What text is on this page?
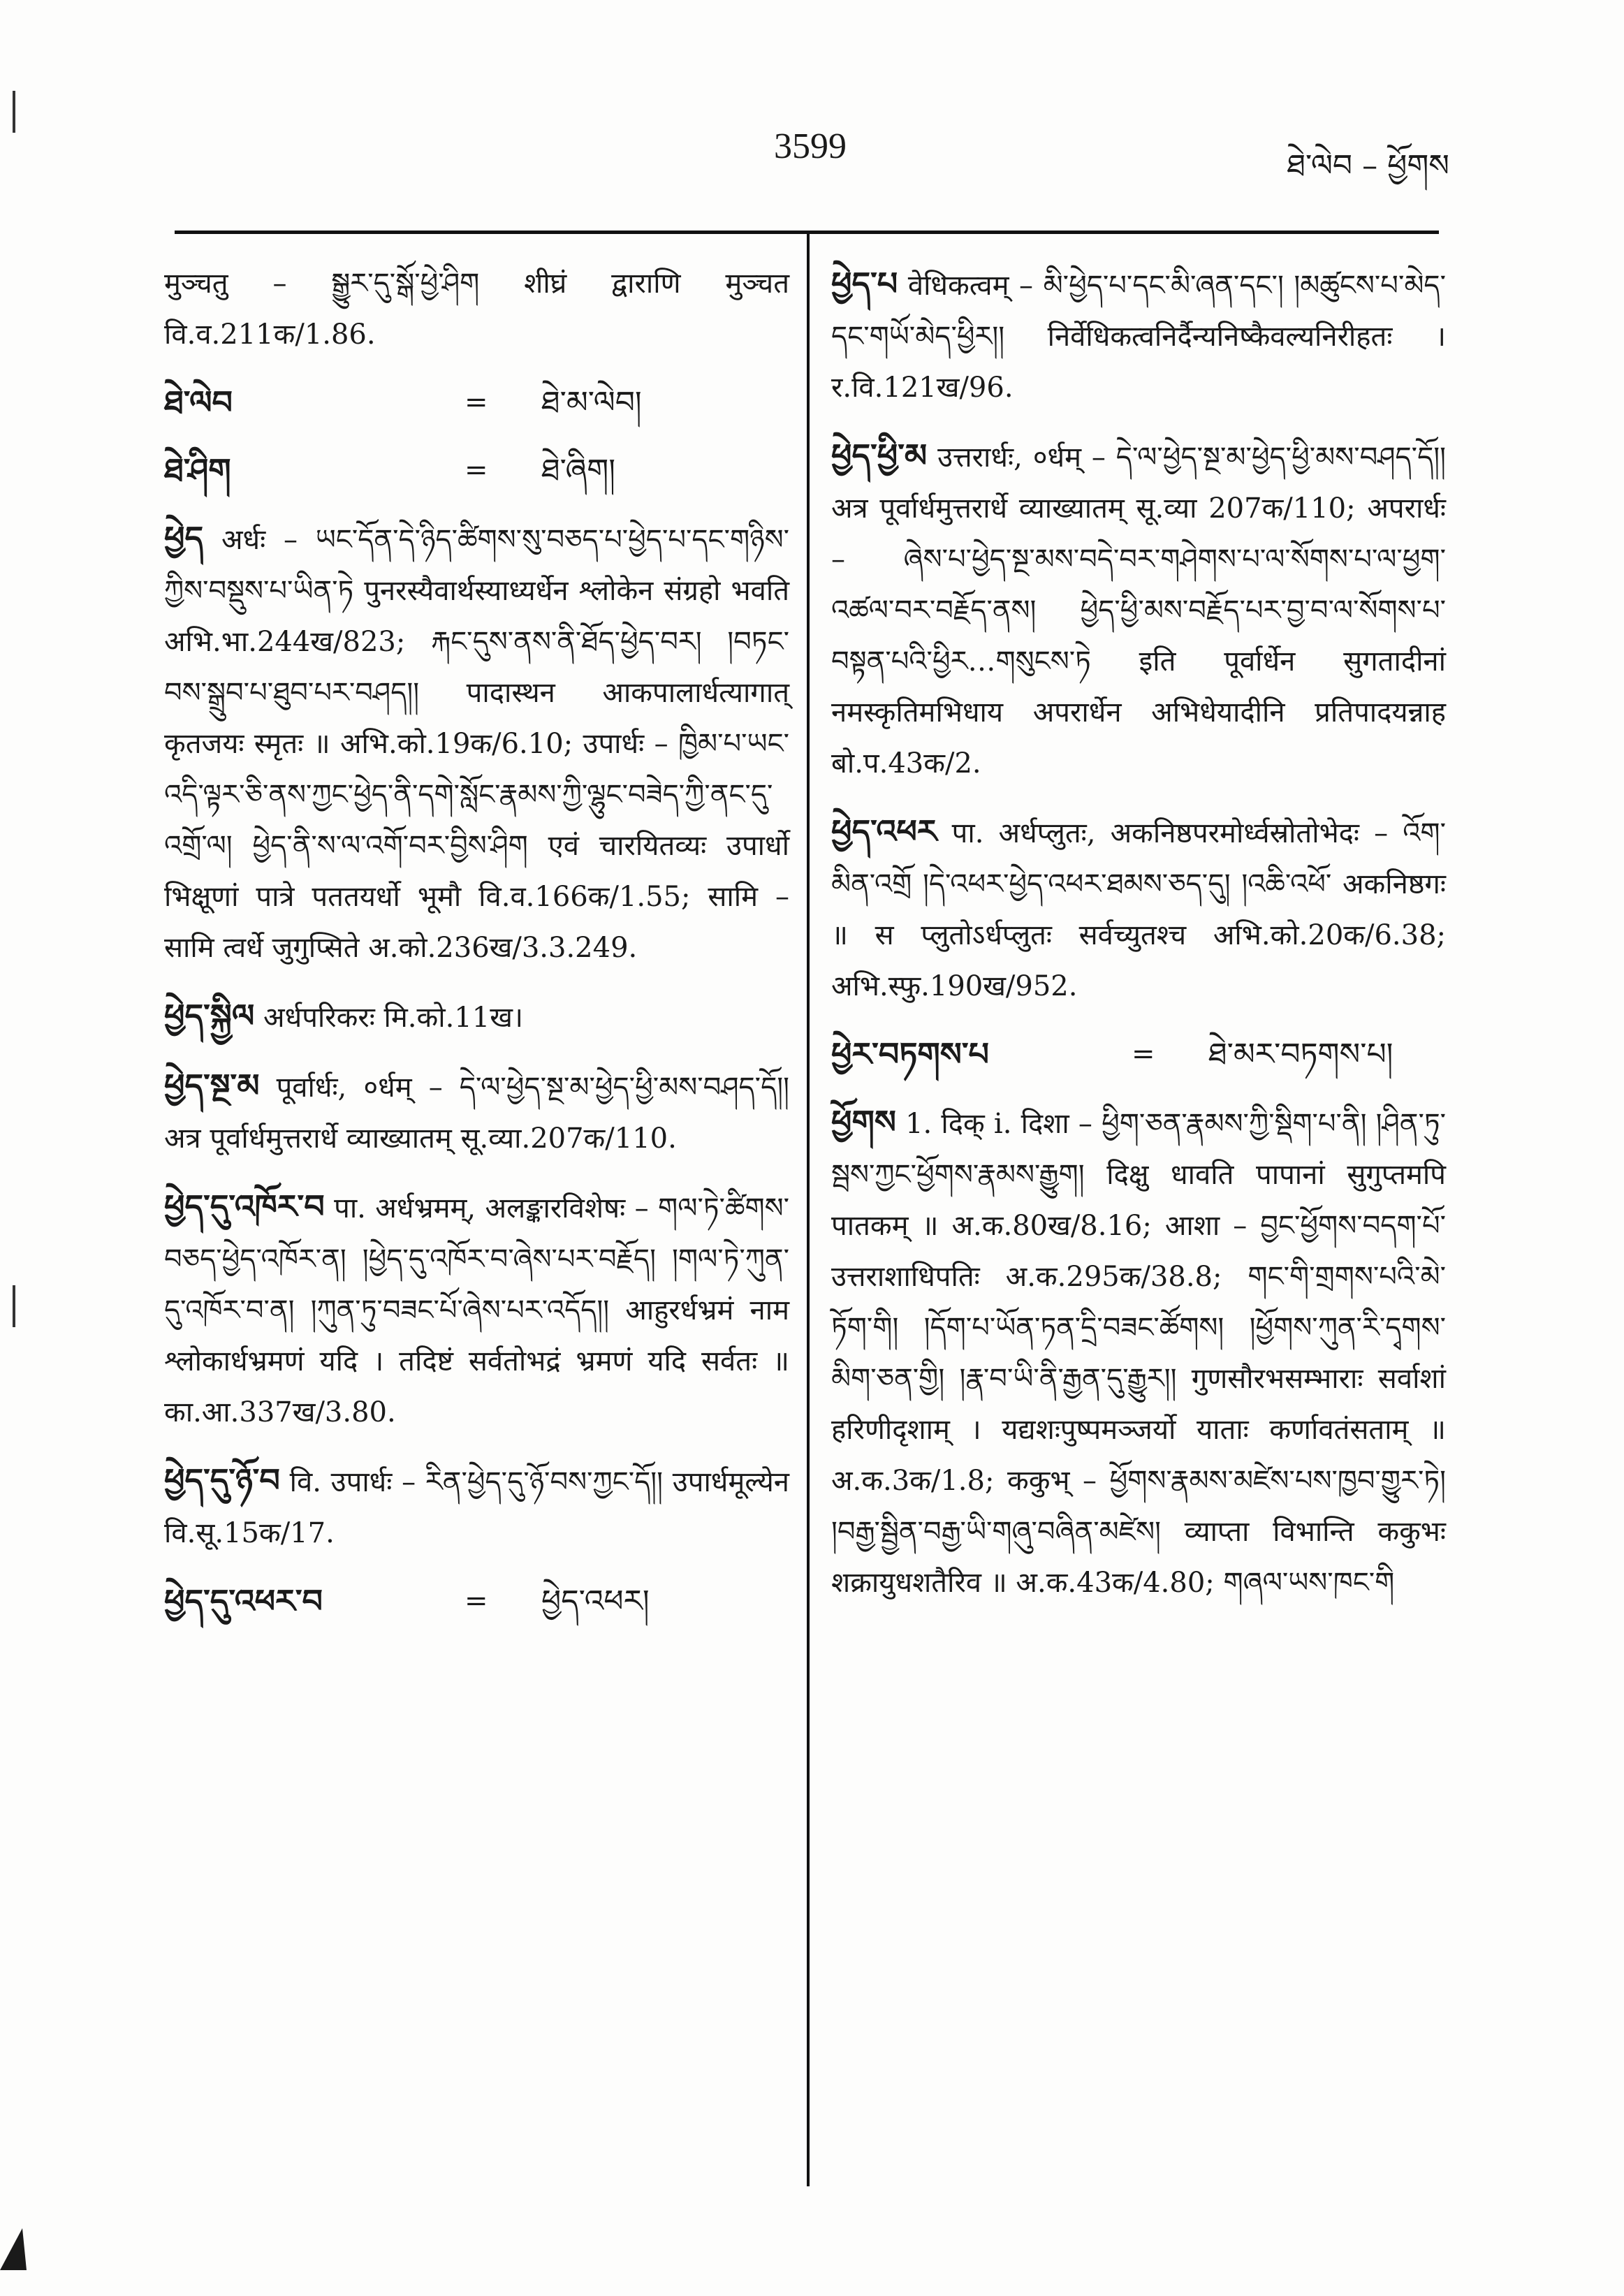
3599	ཐེ་ལེབ – ཕྱོགས

मुञ्चतु – སྒྱུར་དུ་སྒོ་ཕྱེ་ཤིག शीघ्रं द्वाराणि मुञ्चत वि.व.211क/1.86.

ཐེ་ལེབ	=	ཐེ་མ་ལེབ།
ཐེ་ཤིག	=	ཐེ་ཞིག།

ཕྱེད अर्धः – ཡང་དོན་དེ་ཉིད་ཚིགས་སུ་བཅད་པ་ཕྱེད་པ་དང་གཉིས་ཀྱིས་བསྡུས་པ་ཡིན་ཏེ पुनरस्यैवार्थस्याध्यर्धेन श्लोकेन संग्रहो भवति अभि.भा.244ख/823; རྐང་དུས་ནས་ནི་ཐོད་ཕྱེད་བར། །བཏང་བས་སྒྲུབ་པ་ཐུབ་པར་བཤད།། पादास्थन आकपालार्धत्यागात् कृतजयः स्मृतः ॥ अभि.को.19क/6.10; उपार्धः – ཁྱིམ་པ་ཡང་འདི་ལྟར་ཅི་ནས་ཀྱང་ཕྱེད་ནི་དགེ་སློང་རྣམས་ཀྱི་ལྷུང་བཟེད་ཀྱི་ནང་དུ་འགྲོ་ལ། ཕྱེད་ནི་ས་ལ་འགོ་བར་བྱིས་ཤིག एवं चारयितव्यः उपार्धो भिक्षूणां पात्रे पततयर्धो भूमौ वि.व.166क/1.55; सामि – सामि त्वर्धे जुगुप्सिते अ.को.236ख/3.3.249.

ཕྱེད་སྐྱིལ अर्धपरिकरः मि.को.11ख।

ཕྱེད་སྔ་མ पूर्वार्धः, ०र्धम् – དེ་ལ་ཕྱེད་སྔ་མ་ཕྱེད་ཕྱི་མས་བཤད་དོ།། अत्र पूर्वार्धमुत्तरार्धे व्याख्यातम् सू.व्या.207क/110.

ཕྱེད་དུ་འཁོར་བ पा. अर्धभ्रमम्, अलङ्कारविशेषः – གལ་ཏེ་ཚིགས་བཅད་ཕྱེད་འཁོར་ན། །ཕྱེད་དུ་འཁོར་བ་ཞེས་པར་བརྗོད། །གལ་ཏེ་ཀུན་དུ་འཁོར་བ་ན། །ཀུན་ཏུ་བཟང་པོ་ཞེས་པར་འདོད།། आहुरर्धभ्रमं नाम श्लोकार्धभ्रमणं यदि । तदिष्टं सर्वतोभद्रं भ्रमणं यदि सर्वतः ॥ का.आ.337ख/3.80.

ཕྱེད་དུ་ཉོ་བ वि. उपार्धः – རིན་ཕྱེད་དུ་ཉོ་བས་ཀྱང་དོ།། उपार्धमूल्येन वि.सू.15क/17.

ཕྱེད་དུ་འཕར་བ	=	ཕྱེད་འཕར།

ཕྱེད་པ वेधिकत्वम् – མི་ཕྱེད་པ་དང་མི་ཞན་དང་། །མཚུངས་པ་མེད་དང་གཡོ་མེད་ཕྱིར།། निर्वेधिकत्वनिर्दैन्यनिष्कैवल्यनिरीहतः । र.वि.121ख/96.

ཕྱེད་ཕྱི་མ उत्तरार्धः, ०र्धम् – དེ་ལ་ཕྱེད་སྔ་མ་ཕྱེད་ཕྱི་མས་བཤད་དོ།། अत्र पूर्वार्धमुत्तरार्धे व्याख्यातम् सू.व्या 207क/110; अपरार्धः – ཞེས་པ་ཕྱེད་སྔ་མས་བདེ་བར་གཤེགས་པ་ལ་སོགས་པ་ལ་ཕྱག་འཚལ་བར་བརྗོད་ནས། ཕྱེད་ཕྱི་མས་བརྗོད་པར་བྱ་བ་ལ་སོགས་པ་བསྟན་པའི་ཕྱིར…གསུངས་ཏེ इति पूर्वार्धेन सुगतादीनां नमस्कृतिमभिधाय अपरार्धेन अभिधेयादीनि प्रतिपादयन्नाह बो.प.43क/2.

ཕྱེད་འཕར पा. अर्धप्लुतः, अकनिष्ठपरमोर्ध्वस्रोतोभेदः – འོག་མིན་འགྲོ །དེ་འཕར་ཕྱེད་འཕར་ཐམས་ཅད་དུ། །འཆི་འཕོ་ अकनिष्ठगः ॥ स प्लुतोऽर्धप्लुतः सर्वच्युतश्च अभि.को.20क/6.38; अभि.स्फु.190ख/952.

ཕྱེར་བཏགས་པ	=	ཐེ་མར་བཏགས་པ།

ཕྱོགས 1. दिक् i. दिशा – ཕྱིག་ཅན་རྣམས་ཀྱི་སྡིག་པ་ནི། །ཤིན་ཏུ་སྦས་ཀྱང་ཕྱོགས་རྣམས་རྒྱུག། दिक्षु धावति पापानां सुगुप्तमपि पातकम् ॥ अ.क.80ख/8.16; आशा – བྱང་ཕྱོགས་བདག་པོ་ उत्तराशाधिपतिः अ.क.295क/38.8; གང་གི་གྲགས་པའི་མེ་ཏོག་གི། །དོག་པ་ཡོན་ཏན་དྲི་བཟང་ཚོགས། །ཕྱོགས་ཀུན་རི་དྭགས་མིག་ཅན་གྱི། །རྣ་བ་ཡི་ནི་རྒྱན་དུ་རྒྱུར།། गुणसौरभसम्भाराः सर्वाशां हरिणीदृशाम् । यद्यशःपुष्पमञ्जर्यो याताः कर्णावतंसताम् ॥ अ.क.3क/1.8; ककुभ् – ཕྱོགས་རྣམས་མཛེས་པས་ཁྱབ་གྱུར་ཏེ། །བརྒྱ་སྦྱིན་བརྒྱ་ཡི་གཞུ་བཞིན་མཛེས། व्याप्ता विभान्ति ककुभः शक्रायुधशतैरिव ॥ अ.क.43क/4.80; གཞལ་ཡས་ཁང་གི
